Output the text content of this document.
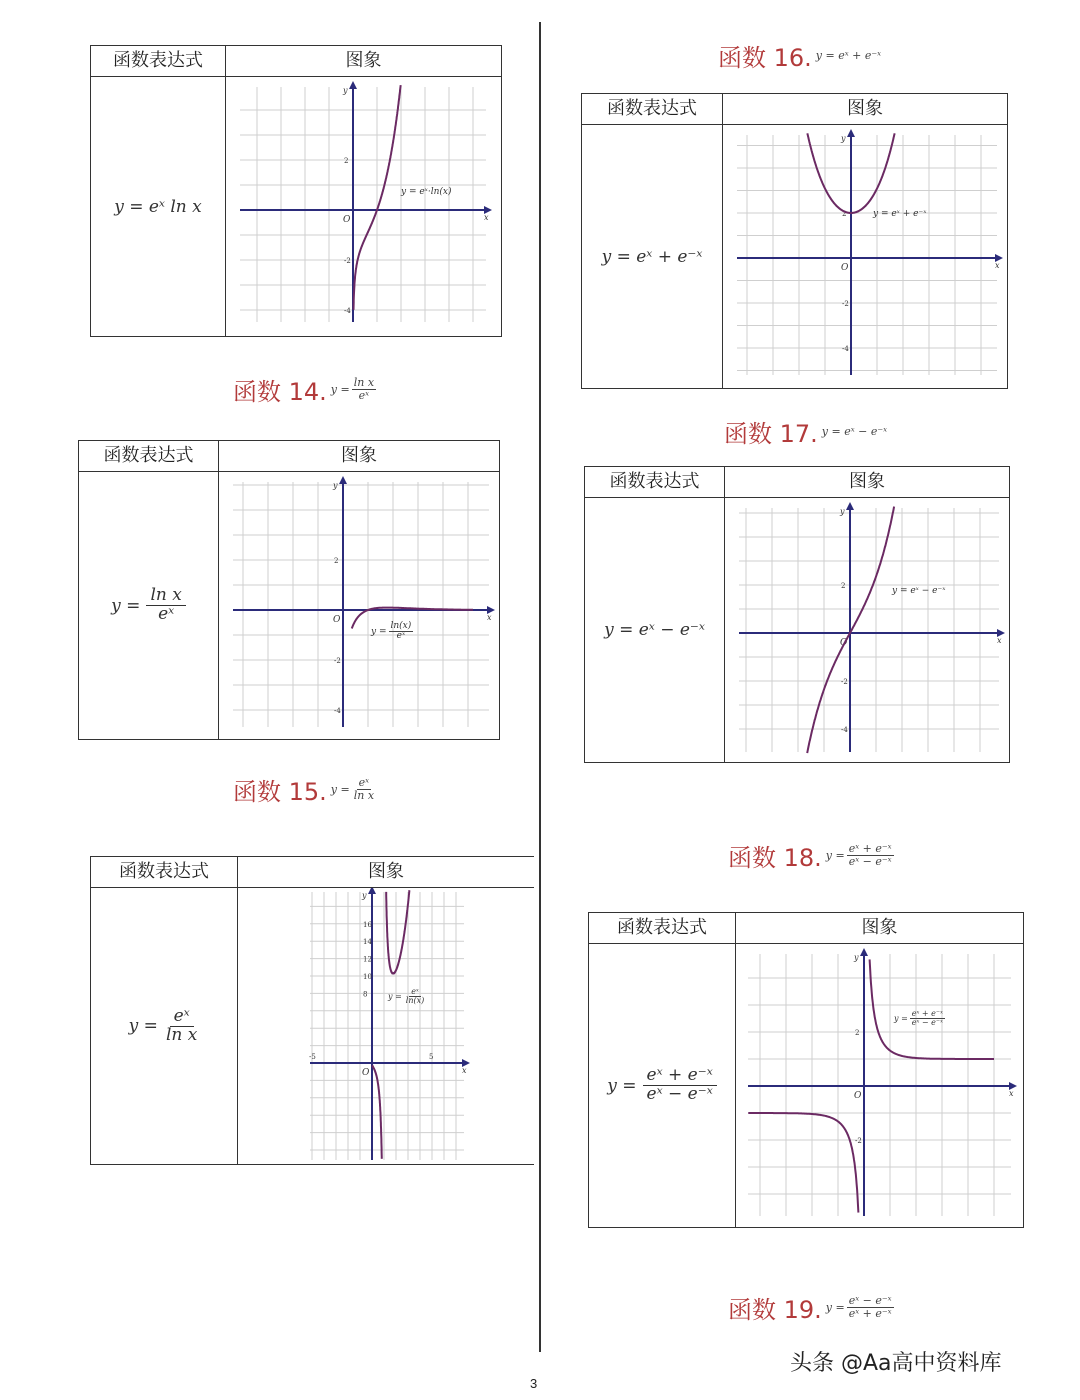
函数表达式	图象
y = eˣ ln x
x
y
O
2
-2
-4
y = eˣ·ln(x)
函数 14. $y = \frac{\text{ln x}}{\text{eˣ}}$
函数表达式	图象
$y = \frac{\text{ln x}}{\text{eˣ}}$	x
y
O
2
-2
-4
$y = \frac{\ln(x)}{\text{eˣ}}$
函数 15. $y = \frac{\text{eˣ}}{\text{ln x}}$
函数表达式	图象
$y = \frac{\text{eˣ}}{\text{ln x}}$
x
y
O
16
14
12
10
8
-5	5
$y = \frac{\text{eˣ}}{\ln(x)}$
函数 16. y = eˣ + e⁻ˣ
函数表达式	图象
y = eˣ + e⁻ˣ	x
y
O
2
-2
-4
y = eˣ + e⁻ˣ
函数 17. y = eˣ − e⁻ˣ
函数表达式	图象
y = eˣ − e⁻ˣ
x
y
O
2
-2
-4
y = eˣ − e⁻ˣ
函数 18. $y = \frac{\text{eˣ + e⁻ˣ}}{\text{eˣ − e⁻ˣ}}$
函数表达式	图象
$y = \frac{\text{eˣ + e⁻ˣ}}{\text{eˣ − e⁻ˣ}}$	x
y
O
2
-2
$y = \frac{\text{eˣ + e⁻ˣ}}{\text{eˣ − e⁻ˣ}}$
函数 19. $y = \frac{\text{eˣ − e⁻ˣ}}{\text{eˣ + e⁻ˣ}}$
头条 @Aa高中资料库
3
